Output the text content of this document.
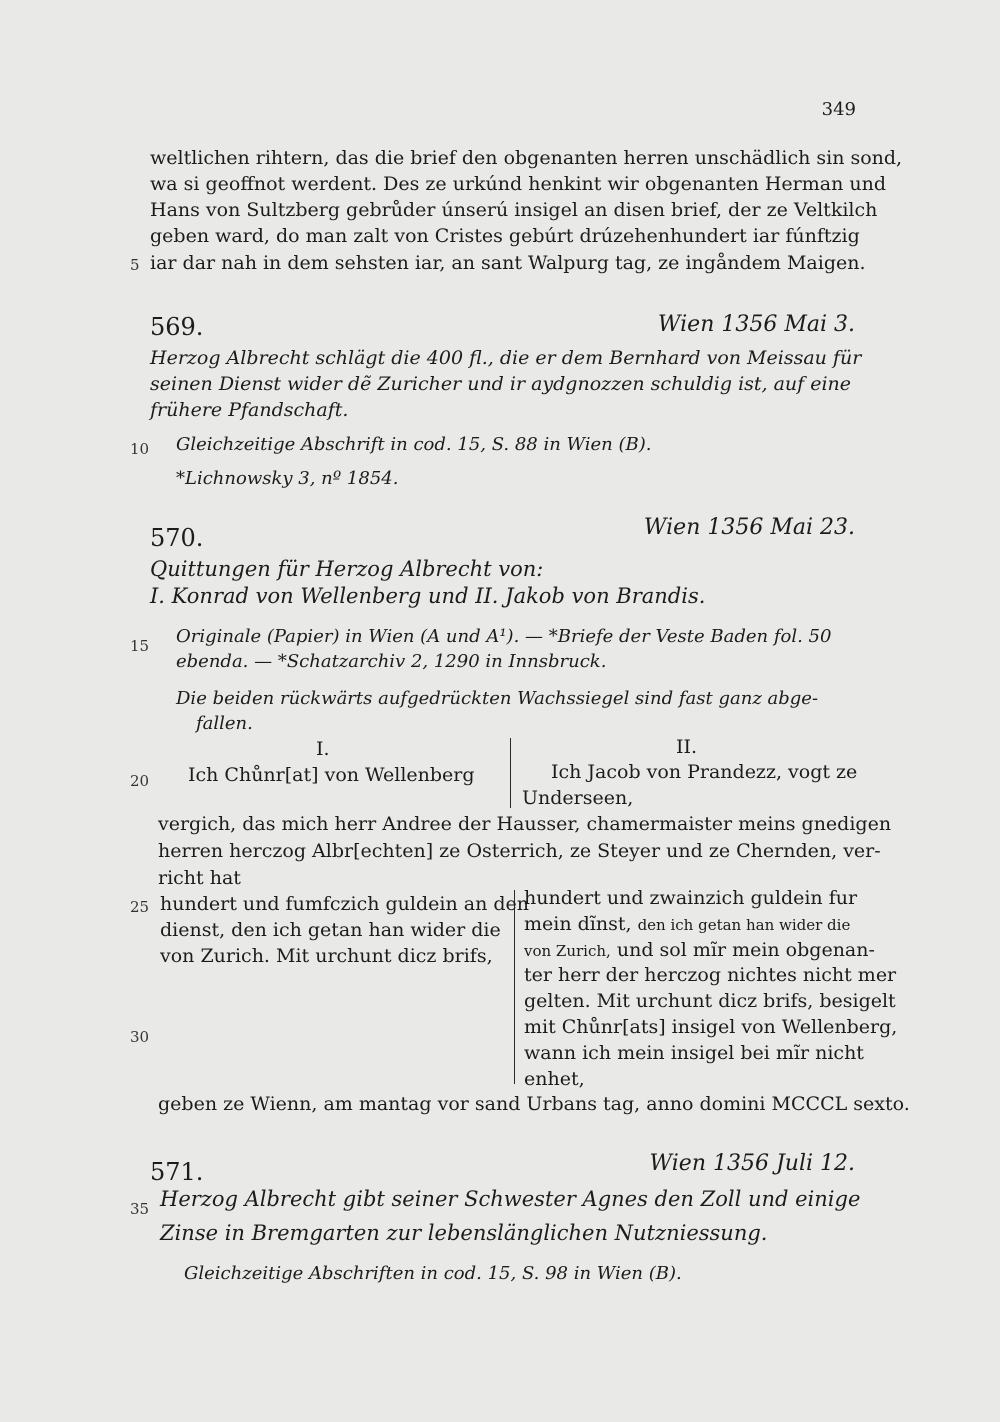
349
weltlichen rihtern, das die brief den obgenanten herren unschädlich sin sond,
wa si geoffnot werdent. Des ze urkúnd henkint wir obgenanten Herman und
Hans von Sultzberg gebrůder únserú insigel an disen brief, der ze Veltkilch
geben ward, do man zalt von Cristes gebúrt drúzehenhundert iar fúnftzig
iar dar nah in dem sehsten iar, an sant Walpurg tag, ze ingåndem Maigen.
5
10
15
20
25
30
35
569.	Wien 1356 Mai 3.
Herzog Albrecht schlägt die 400 fl., die er dem Bernhard von Meissau für
seinen Dienst wider dẽ Zuricher und ir aydgnozzen schuldig ist, auf eine
frühere Pfandschaft.
Gleichzeitige Abschrift in cod. 15, S. 88 in Wien (B).
*Lichnowsky 3, nº 1854.
570.	Wien 1356 Mai 23.
Quittungen für Herzog Albrecht von:
I. Konrad von Wellenberg und II. Jakob von Brandis.
Originale (Papier) in Wien (A und A¹). — *Briefe der Veste Baden fol. 50
ebenda. — *Schatzarchiv 2, 1290 in Innsbruck.
Die beiden rückwärts aufgedrückten Wachssiegel sind fast ganz abge-
fallen.
I.	II.
Ich Chůnr[at] von Wellenberg	Ich Jacob von Prandezz, vogt ze
Underseen,
vergich, das mich herr Andree der Hausser, chamermaister meins gnedigen
herren herczog Albr[echten] ze Osterrich, ze Steyer und ze Chernden, ver-
richt hat
hundert und fumfczich guldein an den
dienst, den ich getan han wider die
von Zurich. Mit urchunt dicz brifs,
hundert und zwainzich guldein fur
mein dĩnst, den ich getan han wider die
von Zurich, und sol mĩr mein obgenan-
ter herr der herczog nichtes nicht mer
gelten. Mit urchunt dicz brifs, besigelt
mit Chůnr[ats] insigel von Wellenberg,
wann ich mein insigel bei mĩr nicht
enhet,
geben ze Wienn, am mantag vor sand Urbans tag, anno domini MCCCL sexto.
571.	Wien 1356 Juli 12.
Herzog Albrecht gibt seiner Schwester Agnes den Zoll und einige
Zinse in Bremgarten zur lebenslänglichen Nutzniessung.
Gleichzeitige Abschriften in cod. 15, S. 98 in Wien (B).
